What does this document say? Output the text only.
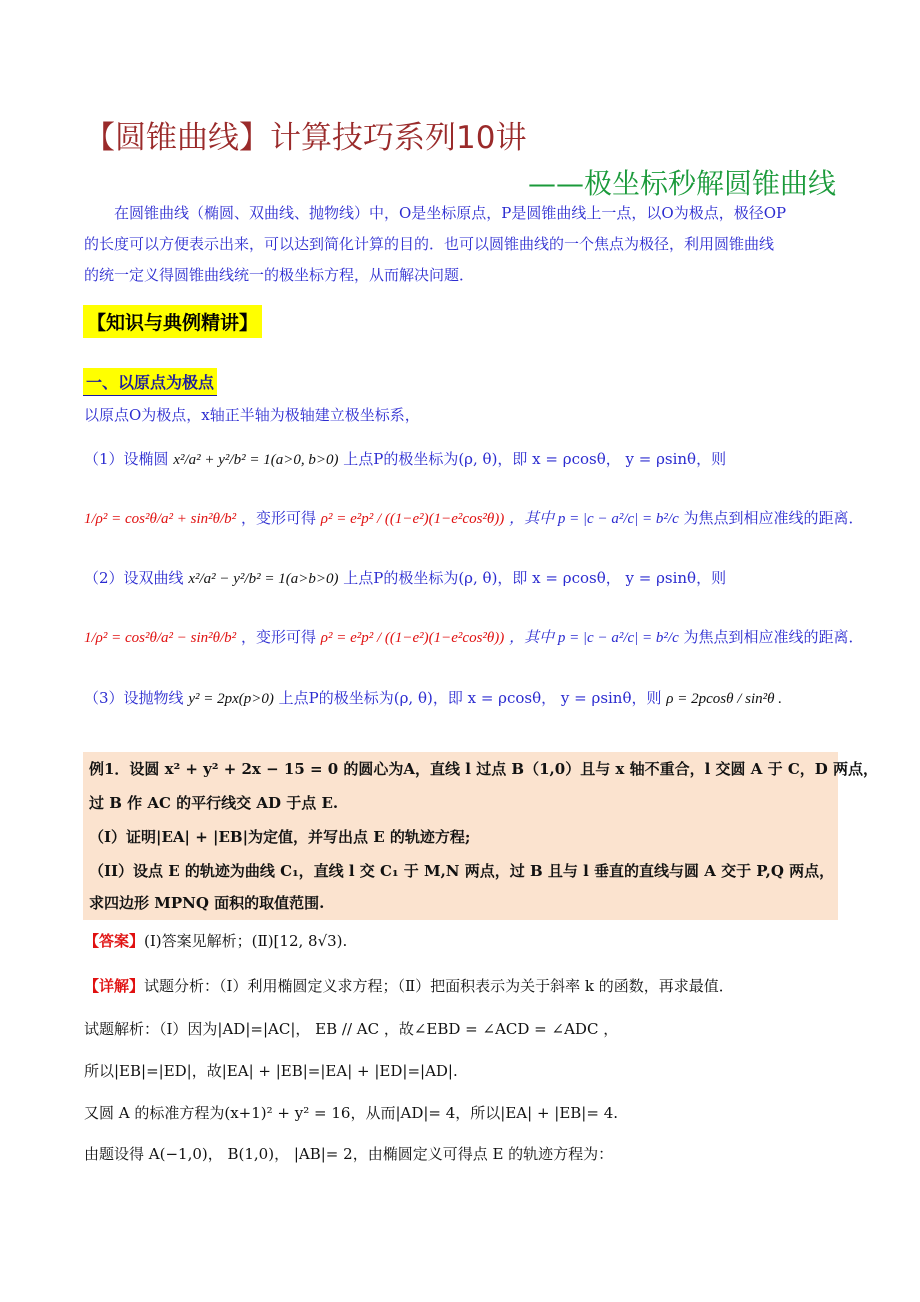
【圆锥曲线】计算技巧系列10讲
——极坐标秒解圆锥曲线
在圆锥曲线（椭圆、双曲线、抛物线）中，O是坐标原点，P是圆锥曲线上一点，以O为极点，极径OP
的长度可以方便表示出来，可以达到简化计算的目的．也可以圆锥曲线的一个焦点为极径，利用圆锥曲线
的统一定义得圆锥曲线统一的极坐标方程，从而解决问题．
【知识与典例精讲】
一、以原点为极点
以原点O为极点，x轴正半轴为极轴建立极坐标系，
（1）设椭圆 x²/a² + y²/b² = 1(a>0, b>0) 上点P的极坐标为(ρ, θ)，即 x = ρcosθ， y = ρsinθ，则
1/ρ² = cos²θ/a² + sin²θ/b² ，变形可得 ρ² = e²p² / ((1−e²)(1−e²cos²θ)) ，其中 p = |c − a²/c| = b²/c 为焦点到相应准线的距离．
（2）设双曲线 x²/a² − y²/b² = 1(a>b>0) 上点P的极坐标为(ρ, θ)，即 x = ρcosθ， y = ρsinθ，则
1/ρ² = cos²θ/a² − sin²θ/b² ，变形可得 ρ² = e²p² / ((1−e²)(1−e²cos²θ)) ，其中 p = |c − a²/c| = b²/c 为焦点到相应准线的距离．
（3）设抛物线 y² = 2px(p>0) 上点P的极坐标为(ρ, θ)，即 x = ρcosθ， y = ρsinθ，则 ρ = 2pcosθ / sin²θ .
例1．设圆 x² + y² + 2x − 15 = 0 的圆心为A，直线 l 过点 B（1,0）且与 x 轴不重合，l 交圆 A 于 C，D 两点，
过 B 作 AC 的平行线交 AD 于点 E.
（I）证明|EA| + |EB|为定值，并写出点 E 的轨迹方程;
（II）设点 E 的轨迹为曲线 C₁，直线 l 交 C₁ 于 M,N 两点，过 B 且与 l 垂直的直线与圆 A 交于 P,Q 两点，
求四边形 MPNQ 面积的取值范围.
【答案】(Ⅰ)答案见解析；(Ⅱ)[12, 8√3).
【详解】试题分析：（Ⅰ）利用椭圆定义求方程；（Ⅱ）把面积表示为关于斜率 k 的函数，再求最值．
试题解析：（Ⅰ）因为|AD|=|AC|， EB // AC ，故∠EBD = ∠ACD = ∠ADC ，
所以|EB|=|ED|，故|EA| + |EB|=|EA| + |ED|=|AD|.
又圆 A 的标准方程为(x+1)² + y² = 16，从而|AD|= 4，所以|EA| + |EB|= 4.
由题设得 A(−1,0)， B(1,0)， |AB|= 2，由椭圆定义可得点 E 的轨迹方程为：
